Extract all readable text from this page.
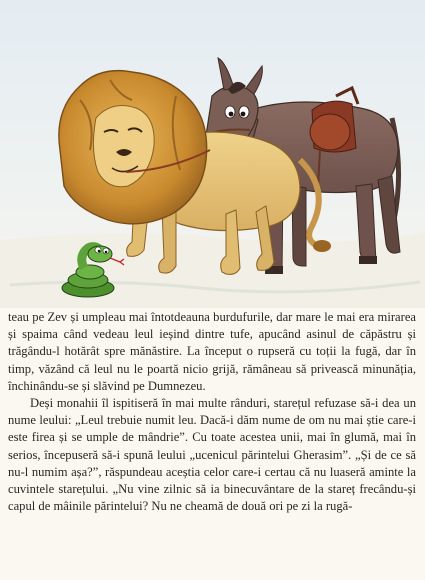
teau pe Zev și umpleau mai întotdeauna burdufurile, dar mare le mai era mirarea și spaima când vedeau leul ieșind dintre tufe, apucând asinul de căpăstru și trăgându-l hotărât spre mănăstire. La început o rupseră cu toții la fugă, dar în timp, văzând că leul nu le poartă nicio grijă, rămâneau să privească minunăția, închinându-se și slăvind pe Dumnezeu.

Deși monahii îl ispitiseră în mai multe rânduri, starețul refuzase să-i dea un nume leului: „Leul trebuie numit leu. Dacă-i dăm nume de om nu mai știe care-i este firea și se umple de mândrie”. Cu toate acestea unii, mai în glumă, mai în serios, începuseră să-i spună leului „ucenicul părintelui Gherasim”. „Și de ce să nu-l numim așa?”, răspundeau aceștia celor care-i certau că nu luaseră aminte la cuvintele starețului. „Nu vine zilnic să ia binecuvântare de la stareț frecându-și capul de mâinile părintelui? Nu ne cheamă de două ori pe zi la rugă-
